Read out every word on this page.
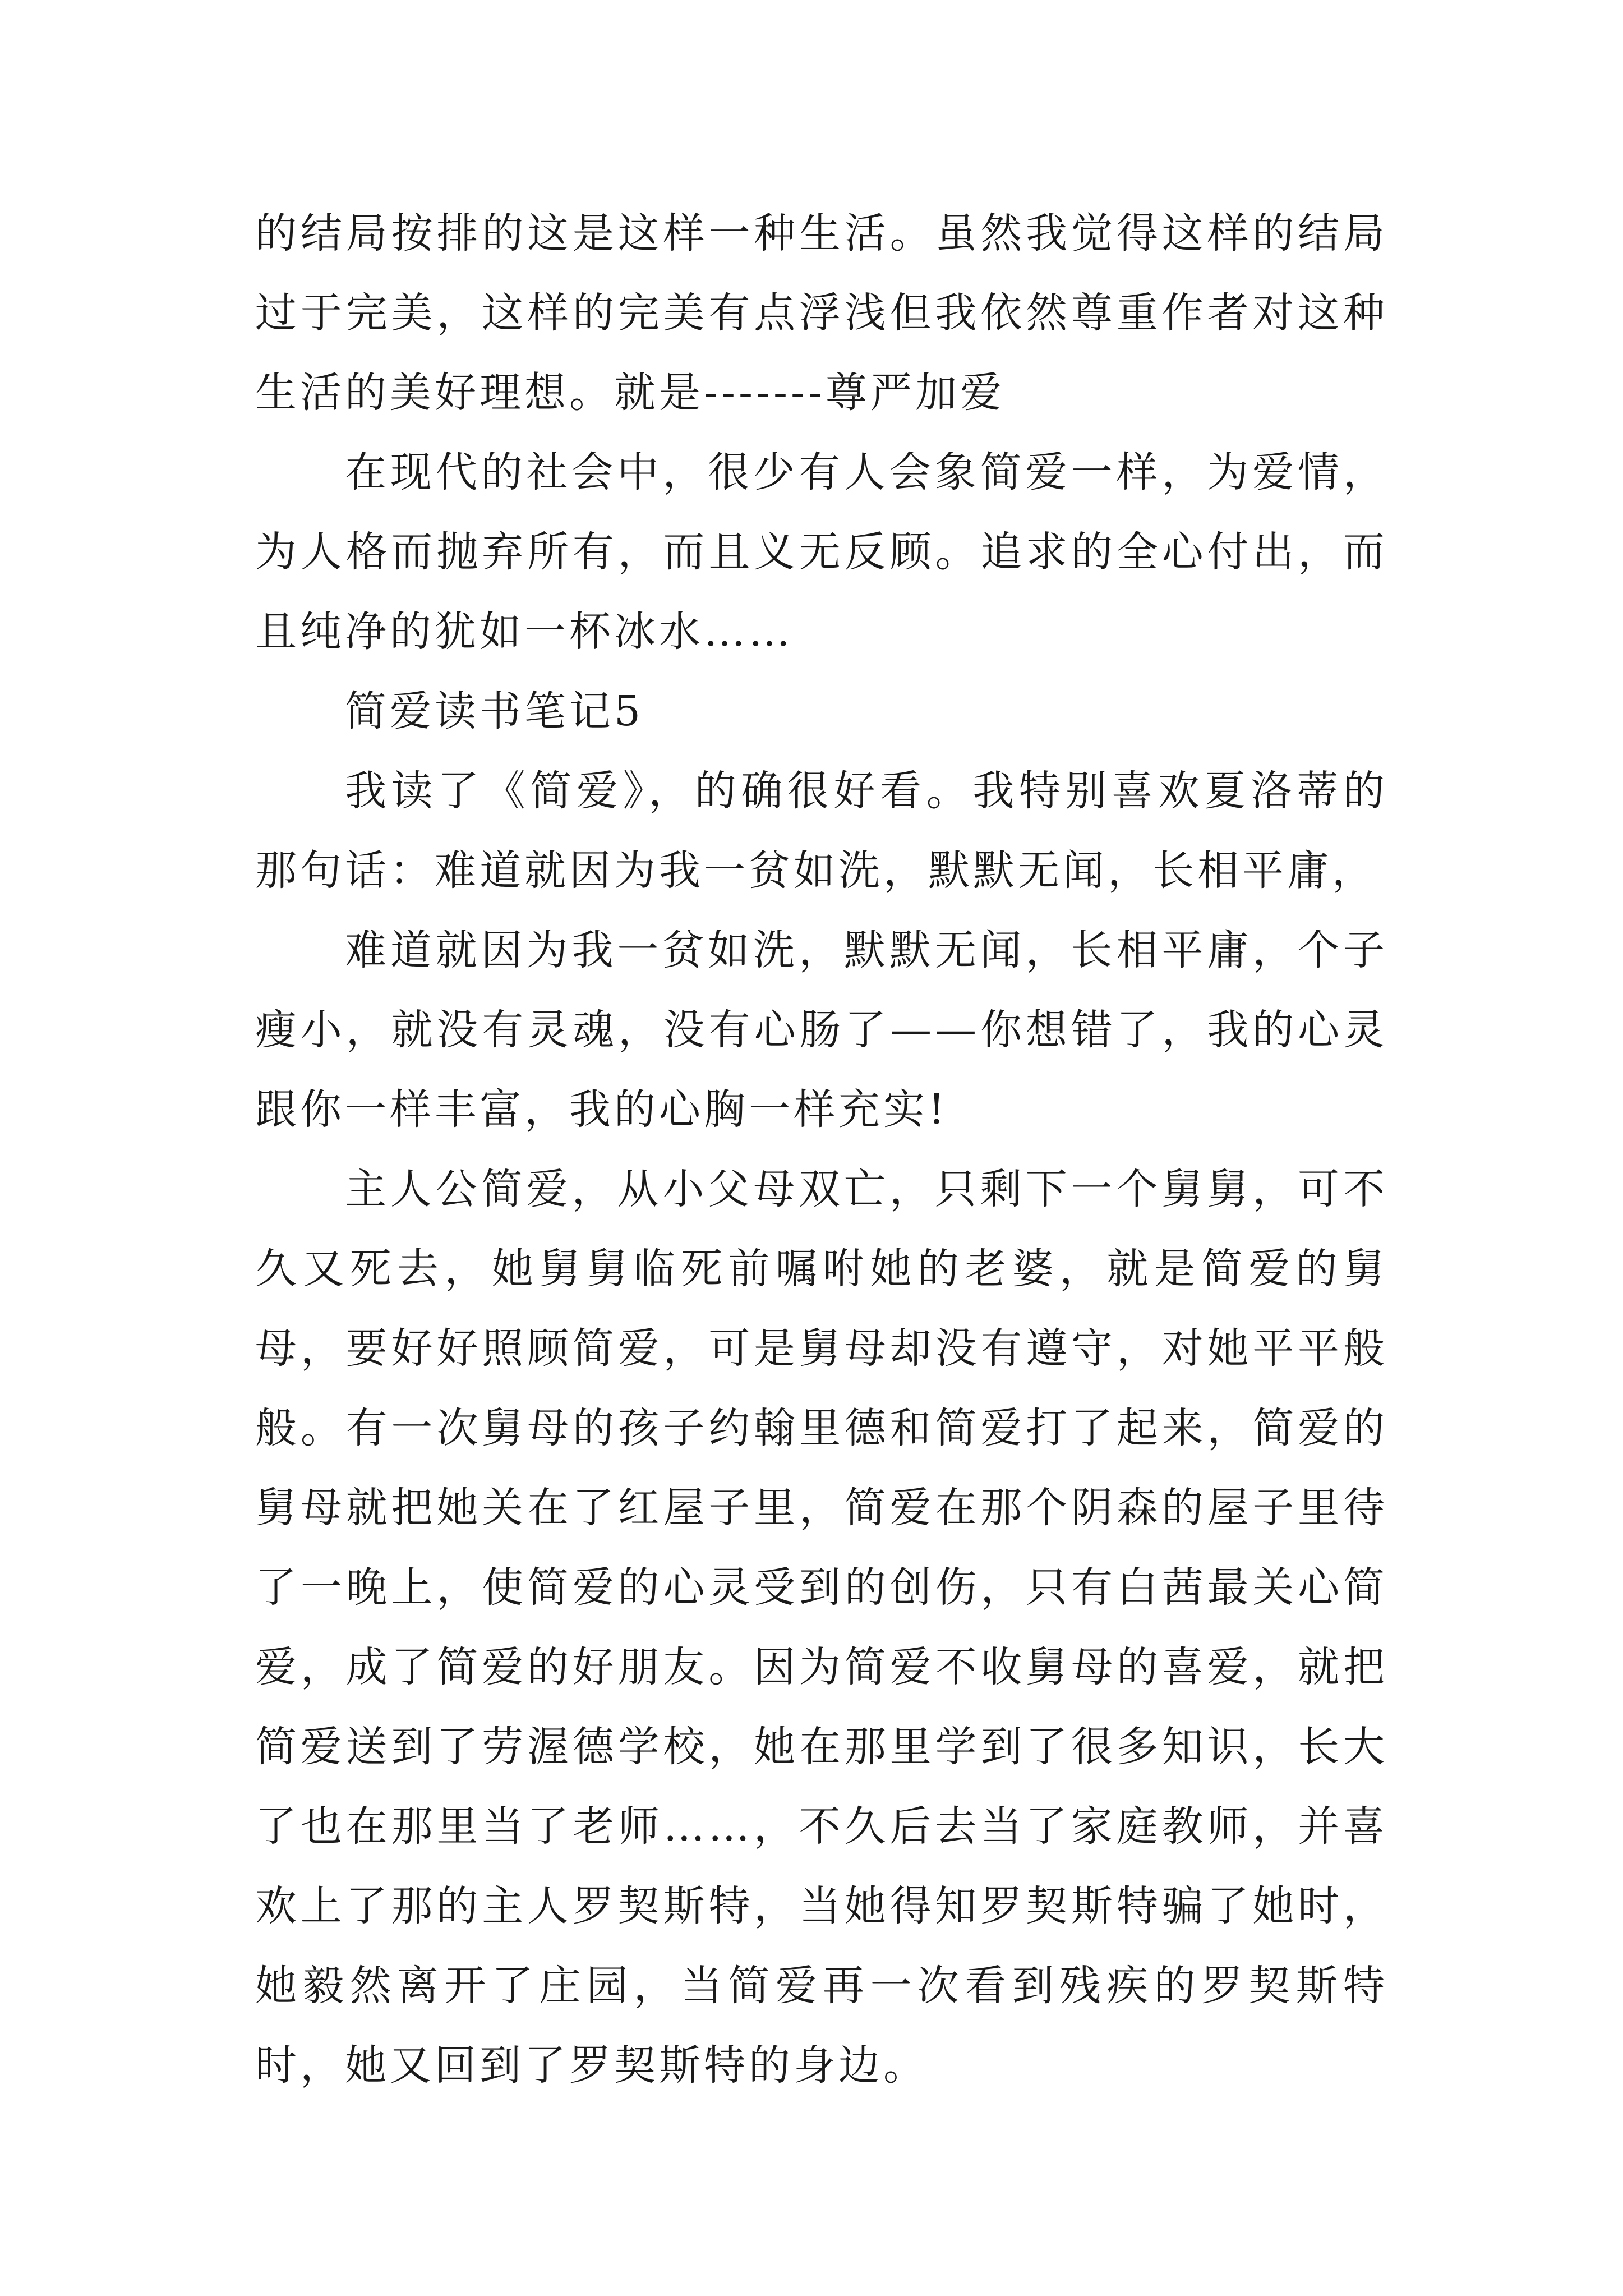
的结局按排的这是这样一种生活。虽然我觉得这样的结局过于完美，这样的完美有点浮浅但我依然尊重作者对这种生活的美好理想。就是-------尊严加爱

在现代的社会中，很少有人会象简爱一样，为爱情，为人格而抛弃所有，而且义无反顾。追求的全心付出，而且纯净的犹如一杯冰水……

简爱读书笔记5

我读了《简爱》，的确很好看。我特别喜欢夏洛蒂的那句话：难道就因为我一贫如洗，默默无闻，长相平庸，

难道就因为我一贫如洗，默默无闻，长相平庸，个子瘦小，就没有灵魂，没有心肠了——你想错了，我的心灵跟你一样丰富，我的心胸一样充实!

主人公简爱，从小父母双亡，只剩下一个舅舅，可不久又死去，她舅舅临死前嘱咐她的老婆，就是简爱的舅母，要好好照顾简爱，可是舅母却没有遵守，对她平平般般。有一次舅母的孩子约翰里德和简爱打了起来，简爱的舅母就把她关在了红屋子里，简爱在那个阴森的屋子里待了一晚上，使简爱的心灵受到的创伤，只有白茜最关心简爱，成了简爱的好朋友。因为简爱不收舅母的喜爱，就把简爱送到了劳渥德学校，她在那里学到了很多知识，长大了也在那里当了老师……，不久后去当了家庭教师，并喜欢上了那的主人罗契斯特，当她得知罗契斯特骗了她时，她毅然离开了庄园，当简爱再一次看到残疾的罗契斯特时，她又回到了罗契斯特的身边。
